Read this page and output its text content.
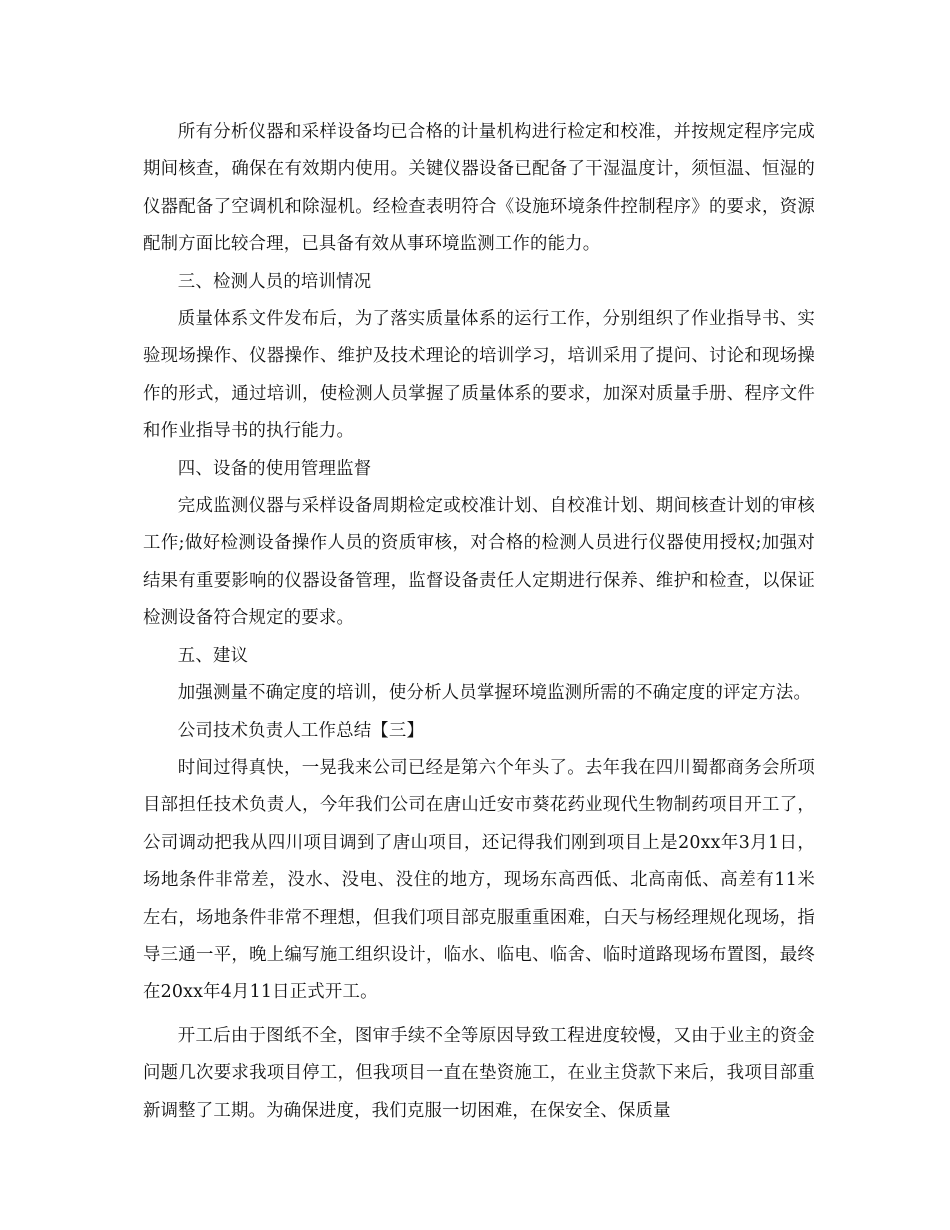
所有分析仪器和采样设备均已合格的计量机构进行检定和校准，并按规定程序完成期间核查，确保在有效期内使用。关键仪器设备已配备了干湿温度计，须恒温、恒湿的仪器配备了空调机和除湿机。经检查表明符合《设施环境条件控制程序》的要求，资源配制方面比较合理，已具备有效从事环境监测工作的能力。

三、检测人员的培训情况

质量体系文件发布后，为了落实质量体系的运行工作，分别组织了作业指导书、实验现场操作、仪器操作、维护及技术理论的培训学习，培训采用了提问、讨论和现场操作的形式，通过培训，使检测人员掌握了质量体系的要求，加深对质量手册、程序文件和作业指导书的执行能力。

四、设备的使用管理监督

完成监测仪器与采样设备周期检定或校准计划、自校准计划、期间核查计划的审核工作;做好检测设备操作人员的资质审核，对合格的检测人员进行仪器使用授权;加强对结果有重要影响的仪器设备管理，监督设备责任人定期进行保养、维护和检查，以保证检测设备符合规定的要求。

五、建议

加强测量不确定度的培训，使分析人员掌握环境监测所需的不确定度的评定方法。

公司技术负责人工作总结【三】

时间过得真快，一晃我来公司已经是第六个年头了。去年我在四川蜀都商务会所项目部担任技术负责人，今年我们公司在唐山迁安市葵花药业现代生物制药项目开工了，公司调动把我从四川项目调到了唐山项目，还记得我们刚到项目上是20xx年3月1日，场地条件非常差，没水、没电、没住的地方，现场东高西低、北高南低、高差有11米左右，场地条件非常不理想，但我们项目部克服重重困难，白天与杨经理规化现场，指导三通一平，晚上编写施工组织设计，临水、临电、临舍、临时道路现场布置图，最终在20xx年4月11日正式开工。

开工后由于图纸不全，图审手续不全等原因导致工程进度较慢，又由于业主的资金问题几次要求我项目停工，但我项目一直在垫资施工，在业主贷款下来后，我项目部重新调整了工期。为确保进度，我们克服一切困难，在保安全、保质量
